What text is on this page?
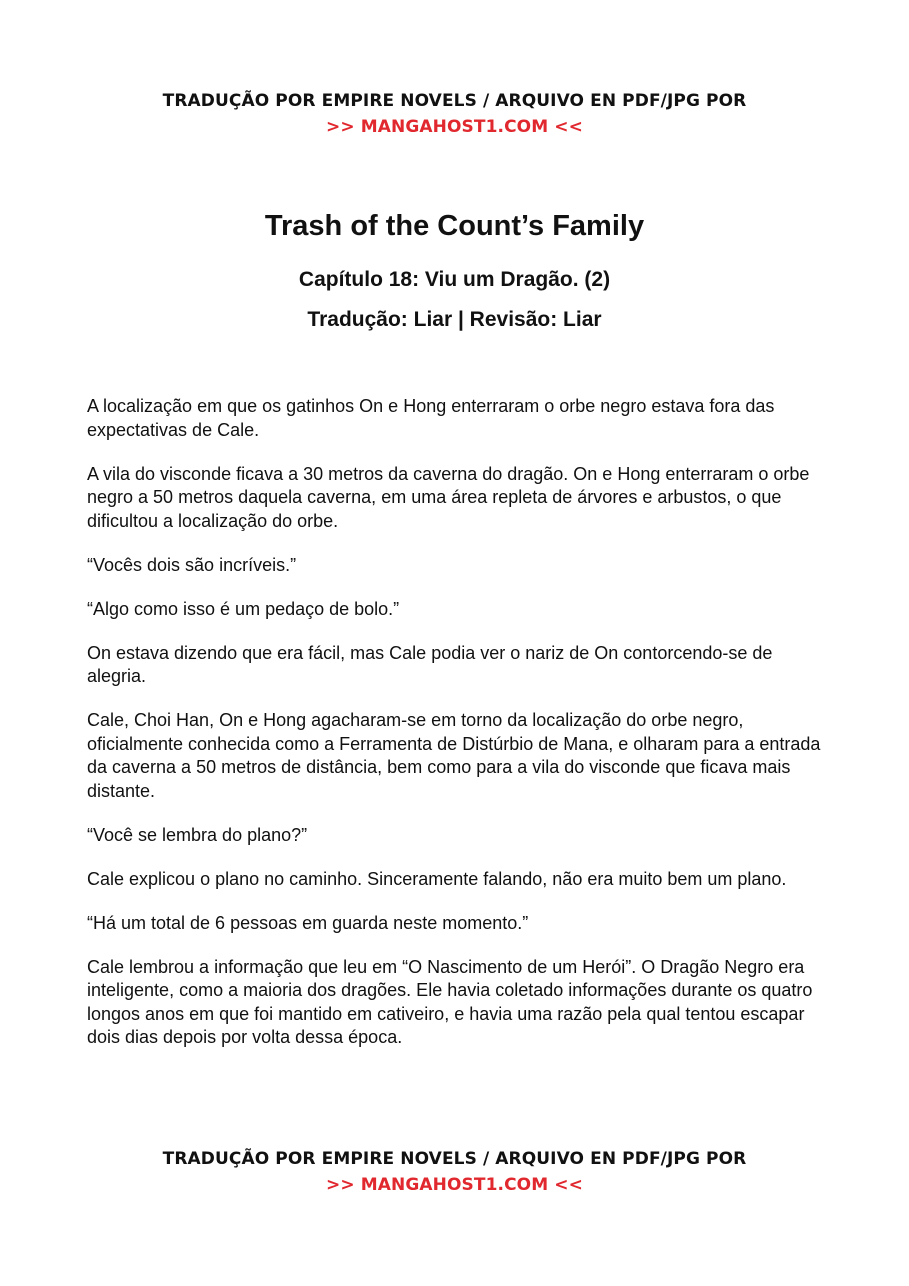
TRADUÇÃO POR EMPIRE NOVELS / ARQUIVO EN PDF/JPG POR
>> MANGAHOST1.COM <<
Trash of the Count’s Family
Capítulo 18: Viu um Dragão. (2)
Tradução: Liar | Revisão: Liar

A localização em que os gatinhos On e Hong enterraram o orbe negro estava fora das expectativas de Cale.

A vila do visconde ficava a 30 metros da caverna do dragão. On e Hong enterraram o orbe negro a 50 metros daquela caverna, em uma área repleta de árvores e arbustos, o que dificultou a localização do orbe.

“Vocês dois são incríveis.”

“Algo como isso é um pedaço de bolo.”

On estava dizendo que era fácil, mas Cale podia ver o nariz de On contorcendo-se de alegria.

Cale, Choi Han, On e Hong agacharam-se em torno da localização do orbe negro, oficialmente conhecida como a Ferramenta de Distúrbio de Mana, e olharam para a entrada da caverna a 50 metros de distância, bem como para a vila do visconde que ficava mais distante.

“Você se lembra do plano?”

Cale explicou o plano no caminho. Sinceramente falando, não era muito bem um plano.

“Há um total de 6 pessoas em guarda neste momento.”

Cale lembrou a informação que leu em “O Nascimento de um Herói”. O Dragão Negro era inteligente, como a maioria dos dragões. Ele havia coletado informações durante os quatro longos anos em que foi mantido em cativeiro, e havia uma razão pela qual tentou escapar dois dias depois por volta dessa época.

TRADUÇÃO POR EMPIRE NOVELS / ARQUIVO EN PDF/JPG POR
>> MANGAHOST1.COM <<
